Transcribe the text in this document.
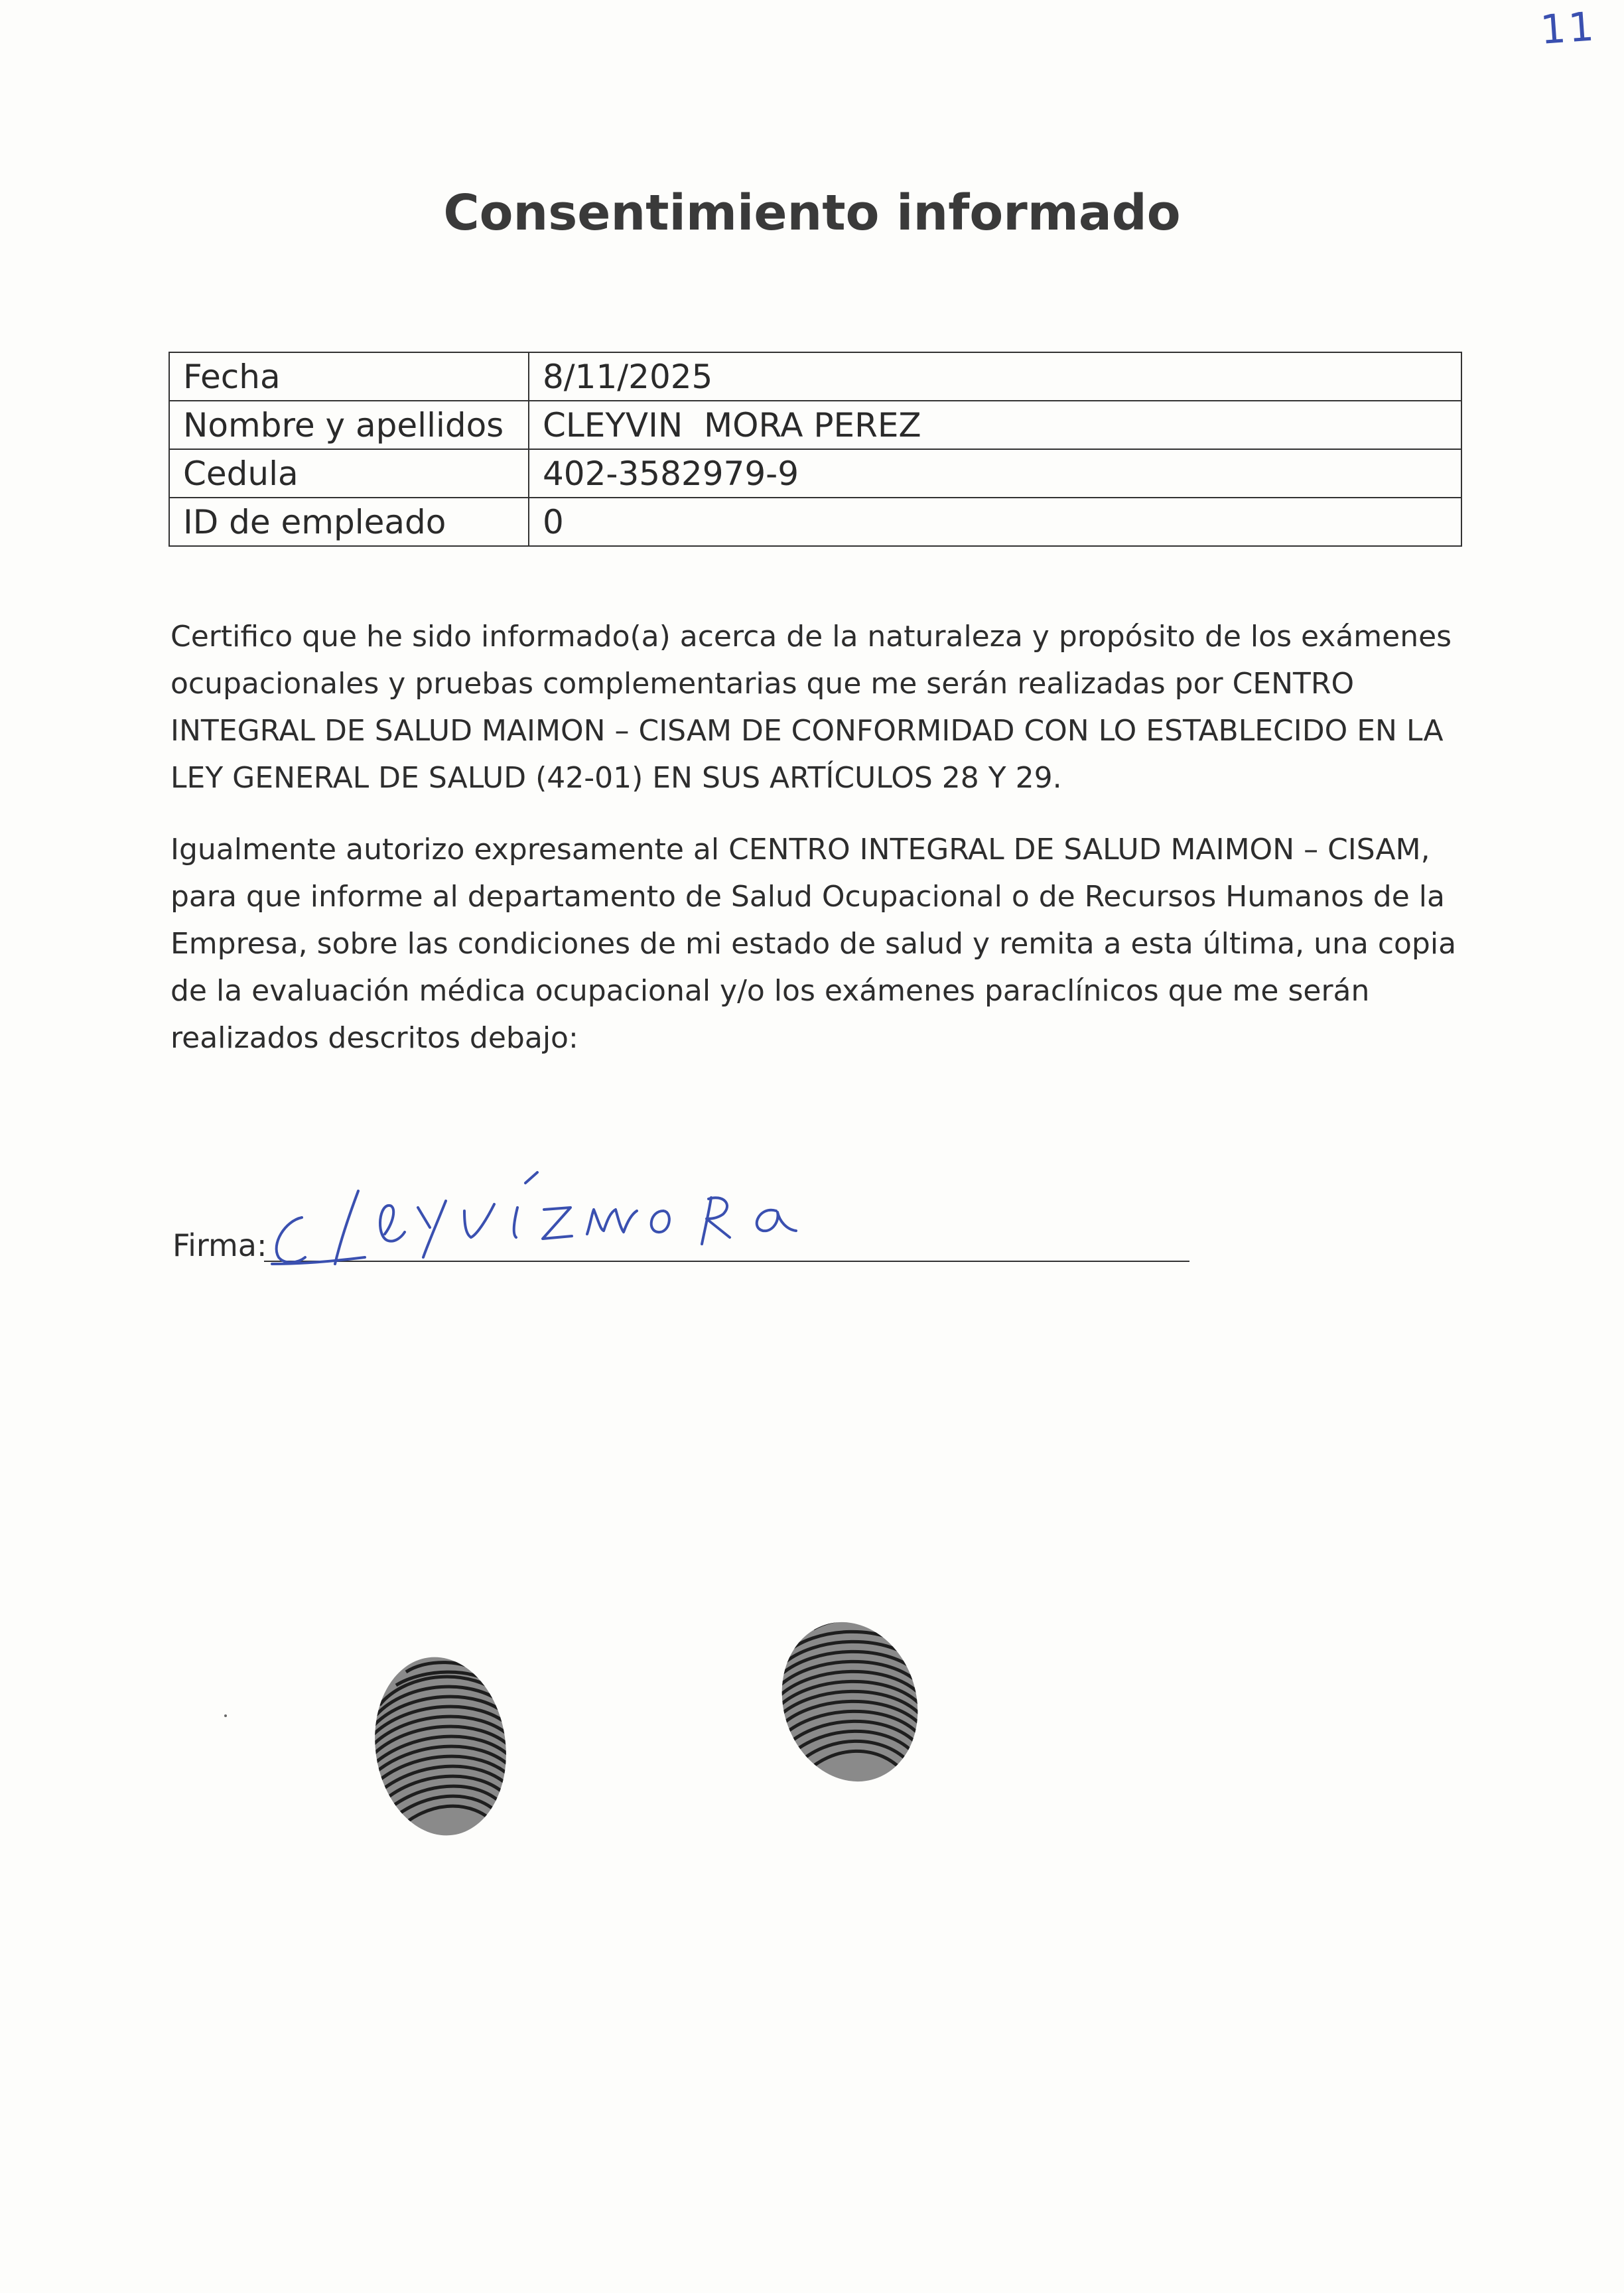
11
Consentimiento informado
Fecha	8/11/2025
Nombre y apellidos	CLEYVIN  MORA PEREZ
Cedula	402-3582979-9
ID de empleado	0

Certifico que he sido informado(a) acerca de la naturaleza y propósito de los exámenes ocupacionales y pruebas complementarias que me serán realizadas por CENTRO INTEGRAL DE SALUD MAIMON – CISAM DE CONFORMIDAD CON LO ESTABLECIDO EN LA LEY GENERAL DE SALUD (42-01) EN SUS ARTÍCULOS 28 Y 29.

Igualmente autorizo expresamente al CENTRO INTEGRAL DE SALUD MAIMON – CISAM, para que informe al departamento de Salud Ocupacional o de Recursos Humanos de la Empresa, sobre las condiciones de mi estado de salud y remita a esta última, una copia de la evaluación médica ocupacional y/o los exámenes paraclínicos que me serán realizados descritos debajo:

Firma:
